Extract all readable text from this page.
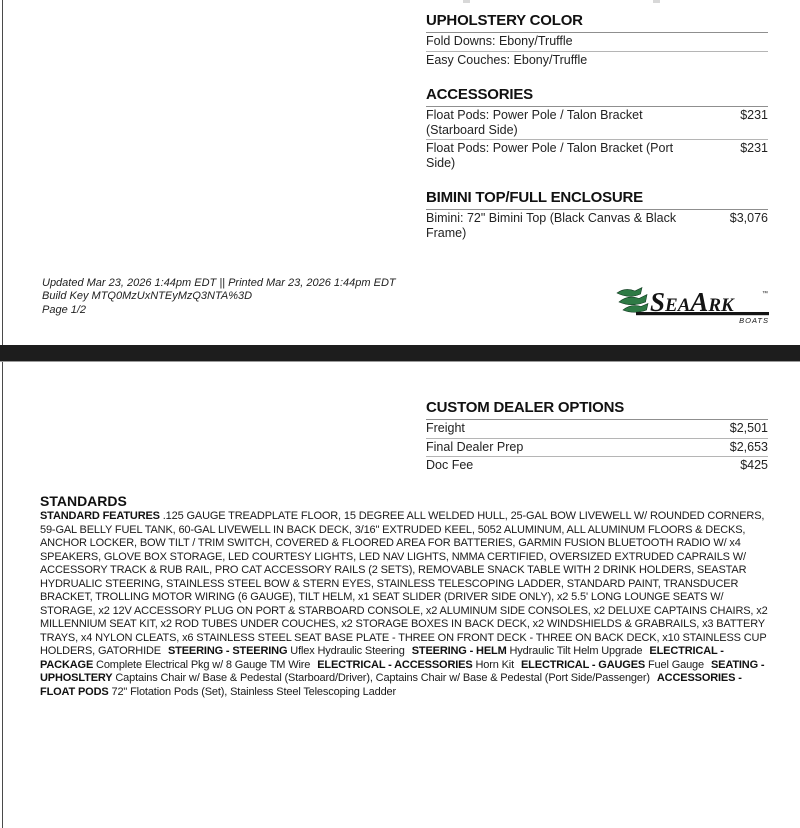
UPHOLSTERY COLOR
Fold Downs: Ebony/Truffle
Easy Couches: Ebony/Truffle
ACCESSORIES
Float Pods: Power Pole / Talon Bracket (Starboard Side)
$231
Float Pods: Power Pole / Talon Bracket (Port Side)
$231
BIMINI TOP/FULL ENCLOSURE
Bimini: 72" Bimini Top (Black Canvas & Black Frame)
$3,076
Updated Mar 23, 2026 1:44pm EDT || Printed Mar 23, 2026 1:44pm EDT
Build Key MTQ0MzUxNTEyMzQ3NTA%3D
Page 1/2	SeaArk	™
BOATS
CUSTOM DEALER OPTIONS
Freight	$2,501
Final Dealer Prep	$2,653
Doc Fee	$425
STANDARDS
STANDARD FEATURES .125 GAUGE TREADPLATE FLOOR, 15 DEGREE ALL WELDED HULL, 25-GAL BOW LIVEWELL W/ ROUNDED CORNERS, 59-GAL BELLY FUEL TANK, 60-GAL LIVEWELL IN BACK DECK, 3/16" EXTRUDED KEEL, 5052 ALUMINUM, ALL ALUMINUM FLOORS & DECKS, ANCHOR LOCKER, BOW TILT / TRIM SWITCH, COVERED & FLOORED AREA FOR BATTERIES, GARMIN FUSION BLUETOOTH RADIO W/ x4 SPEAKERS, GLOVE BOX STORAGE, LED COURTESY LIGHTS, LED NAV LIGHTS, NMMA CERTIFIED, OVERSIZED EXTRUDED CAPRAILS W/ ACCESSORY TRACK & RUB RAIL, PRO CAT ACCESSORY RAILS (2 SETS), REMOVABLE SNACK TABLE WITH 2 DRINK HOLDERS, SEASTAR HYDRUALIC STEERING, STAINLESS STEEL BOW & STERN EYES, STAINLESS TELESCOPING LADDER, STANDARD PAINT, TRANSDUCER BRACKET, TROLLING MOTOR WIRING (6 GAUGE), TILT HELM, x1 SEAT SLIDER (DRIVER SIDE ONLY), x2 5.5' LONG LOUNGE SEATS W/ STORAGE, x2 12V ACCESSORY PLUG ON PORT & STARBOARD CONSOLE, x2 ALUMINUM SIDE CONSOLES, x2 DELUXE CAPTAINS CHAIRS, x2 MILLENNIUM SEAT KIT, x2 ROD TUBES UNDER COUCHES, x2 STORAGE BOXES IN BACK DECK, x2 WINDSHIELDS & GRABRAILS, x3 BATTERY TRAYS, x4 NYLON CLEATS, x6 STAINLESS STEEL SEAT BASE PLATE - THREE ON FRONT DECK - THREE ON BACK DECK, x10 STAINLESS CUP HOLDERS, GATORHIDE STEERING - STEERING Uflex Hydraulic Steering STEERING - HELM Hydraulic Tilt Helm Upgrade ELECTRICAL - PACKAGE Complete Electrical Pkg w/ 8 Gauge TM Wire ELECTRICAL - ACCESSORIES Horn Kit ELECTRICAL - GAUGES Fuel Gauge SEATING - UPHOSLTERY Captains Chair w/ Base & Pedestal (Starboard/Driver), Captains Chair w/ Base & Pedestal (Port Side/Passenger) ACCESSORIES - FLOAT PODS 72" Flotation Pods (Set), Stainless Steel Telescoping Ladder
